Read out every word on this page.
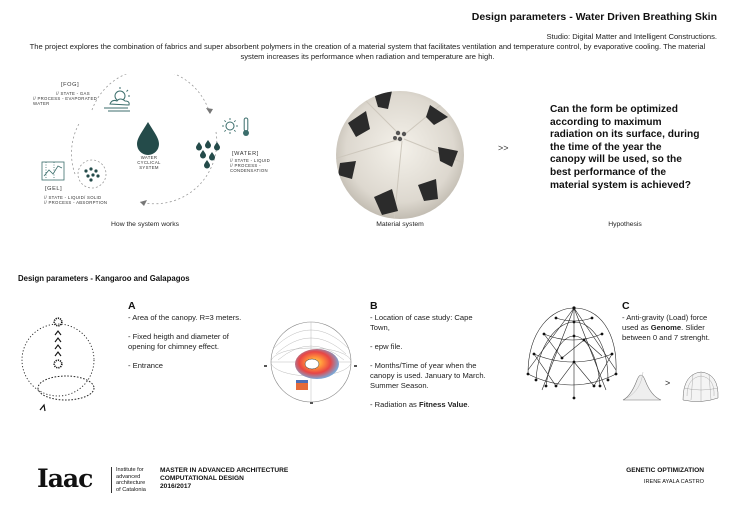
Design parameters - Water Driven Breathing Skin
Studio: Digital Matter and Intelligent Constructions.
The project explores the combination of fabrics and super absorbent polymers in the creation of a material system that facilitates ventilation and temperature control, by evaporative cooling. The material system increases its performance when radiation and temperature are high.
[FOG]
// STATE - GAS
// PROCESS - EVAPORATED WATER
WATER CYCLICAL SYSTEM
[WATER]
// STATE - LIQUID
// PROCESS - CONDENSATION
[GEL]
// STATE - LIQUID/ SOLID
// PROCESS - ABSORPTION
How the system works	Material system
>>
Can the form be optimized according to maximum radiation on its surface, during the time of the year the canopy will be used, so the best performance of the material system is achieved?
Hypothesis
Design parameters - Kangaroo and Galapagos
A

- Area of the canopy. R=3 meters.

- Fixed heigth and diameter of opening for chimney effect.

- Entrance

B

- Location of case study: Cape Town,

- epw file.

- Months/Time of year when the canopy is used. January to March. Summer Season.

- Radiation as Fitness Value.

C
- Anti-gravity (Load) force used as Genome. Slider between 0 and 7 strenght.
>
Iaac	Institute for
advanced
architecture
of Catalonia
MASTER IN ADVANCED ARCHITECTURE
COMPUTATIONAL DESIGN
2016/2017
GENETIC OPTIMIZATION
IRENE AYALA CASTRO
